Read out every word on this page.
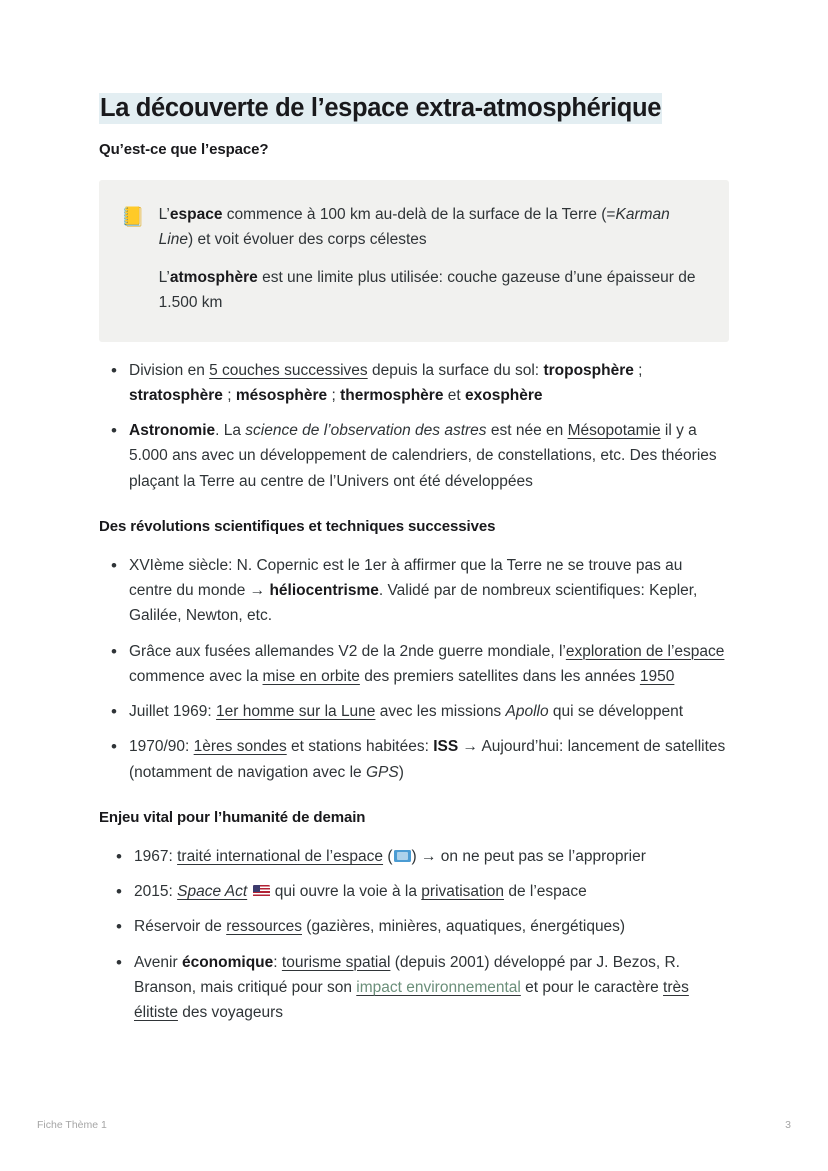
La découverte de l’espace extra-atmosphérique
Qu’est-ce que l’espace?
📒 L’espace commence à 100 km au-delà de la surface de la Terre (=Karman Line) et voit évoluer des corps célestes

L’atmosphère est une limite plus utilisée: couche gazeuse d’une épaisseur de 1.500 km

• Division en 5 couches successives depuis la surface du sol: troposphère ; stratosphère ; mésosphère ; thermosphère et exosphère
• Astronomie. La science de l’observation des astres est née en Mésopotamie il y a 5.000 ans avec un développement de calendriers, de constellations, etc. Des théories plaçant la Terre au centre de l’Univers ont été développées
Des révolutions scientifiques et techniques successives
• XVIème siècle: N. Copernic est le 1er à affirmer que la Terre ne se trouve pas au centre du monde → héliocentrisme. Validé par de nombreux scientifiques: Kepler, Galilée, Newton, etc.
• Grâce aux fusées allemandes V2 de la 2nde guerre mondiale, l’exploration de l’espace commence avec la mise en orbite des premiers satellites dans les années 1950
• Juillet 1969: 1er homme sur la Lune avec les missions Apollo qui se développent
• 1970/90: 1ères sondes et stations habitées: ISS → Aujourd’hui: lancement de satellites (notamment de navigation avec le GPS)
Enjeu vital pour l’humanité de demain
• 1967: traité international de l’espace ( ) → on ne peut pas se l’approprier
• 2015: Space Act  qui ouvre la voie à la privatisation de l’espace
• Réservoir de ressources (gazières, minières, aquatiques, énergétiques)
• Avenir économique: tourisme spatial (depuis 2001) développé par J. Bezos, R. Branson, mais critiqué pour son impact environnemental et pour le caractère très élitiste des voyageurs
Fiche Thème 1	3
